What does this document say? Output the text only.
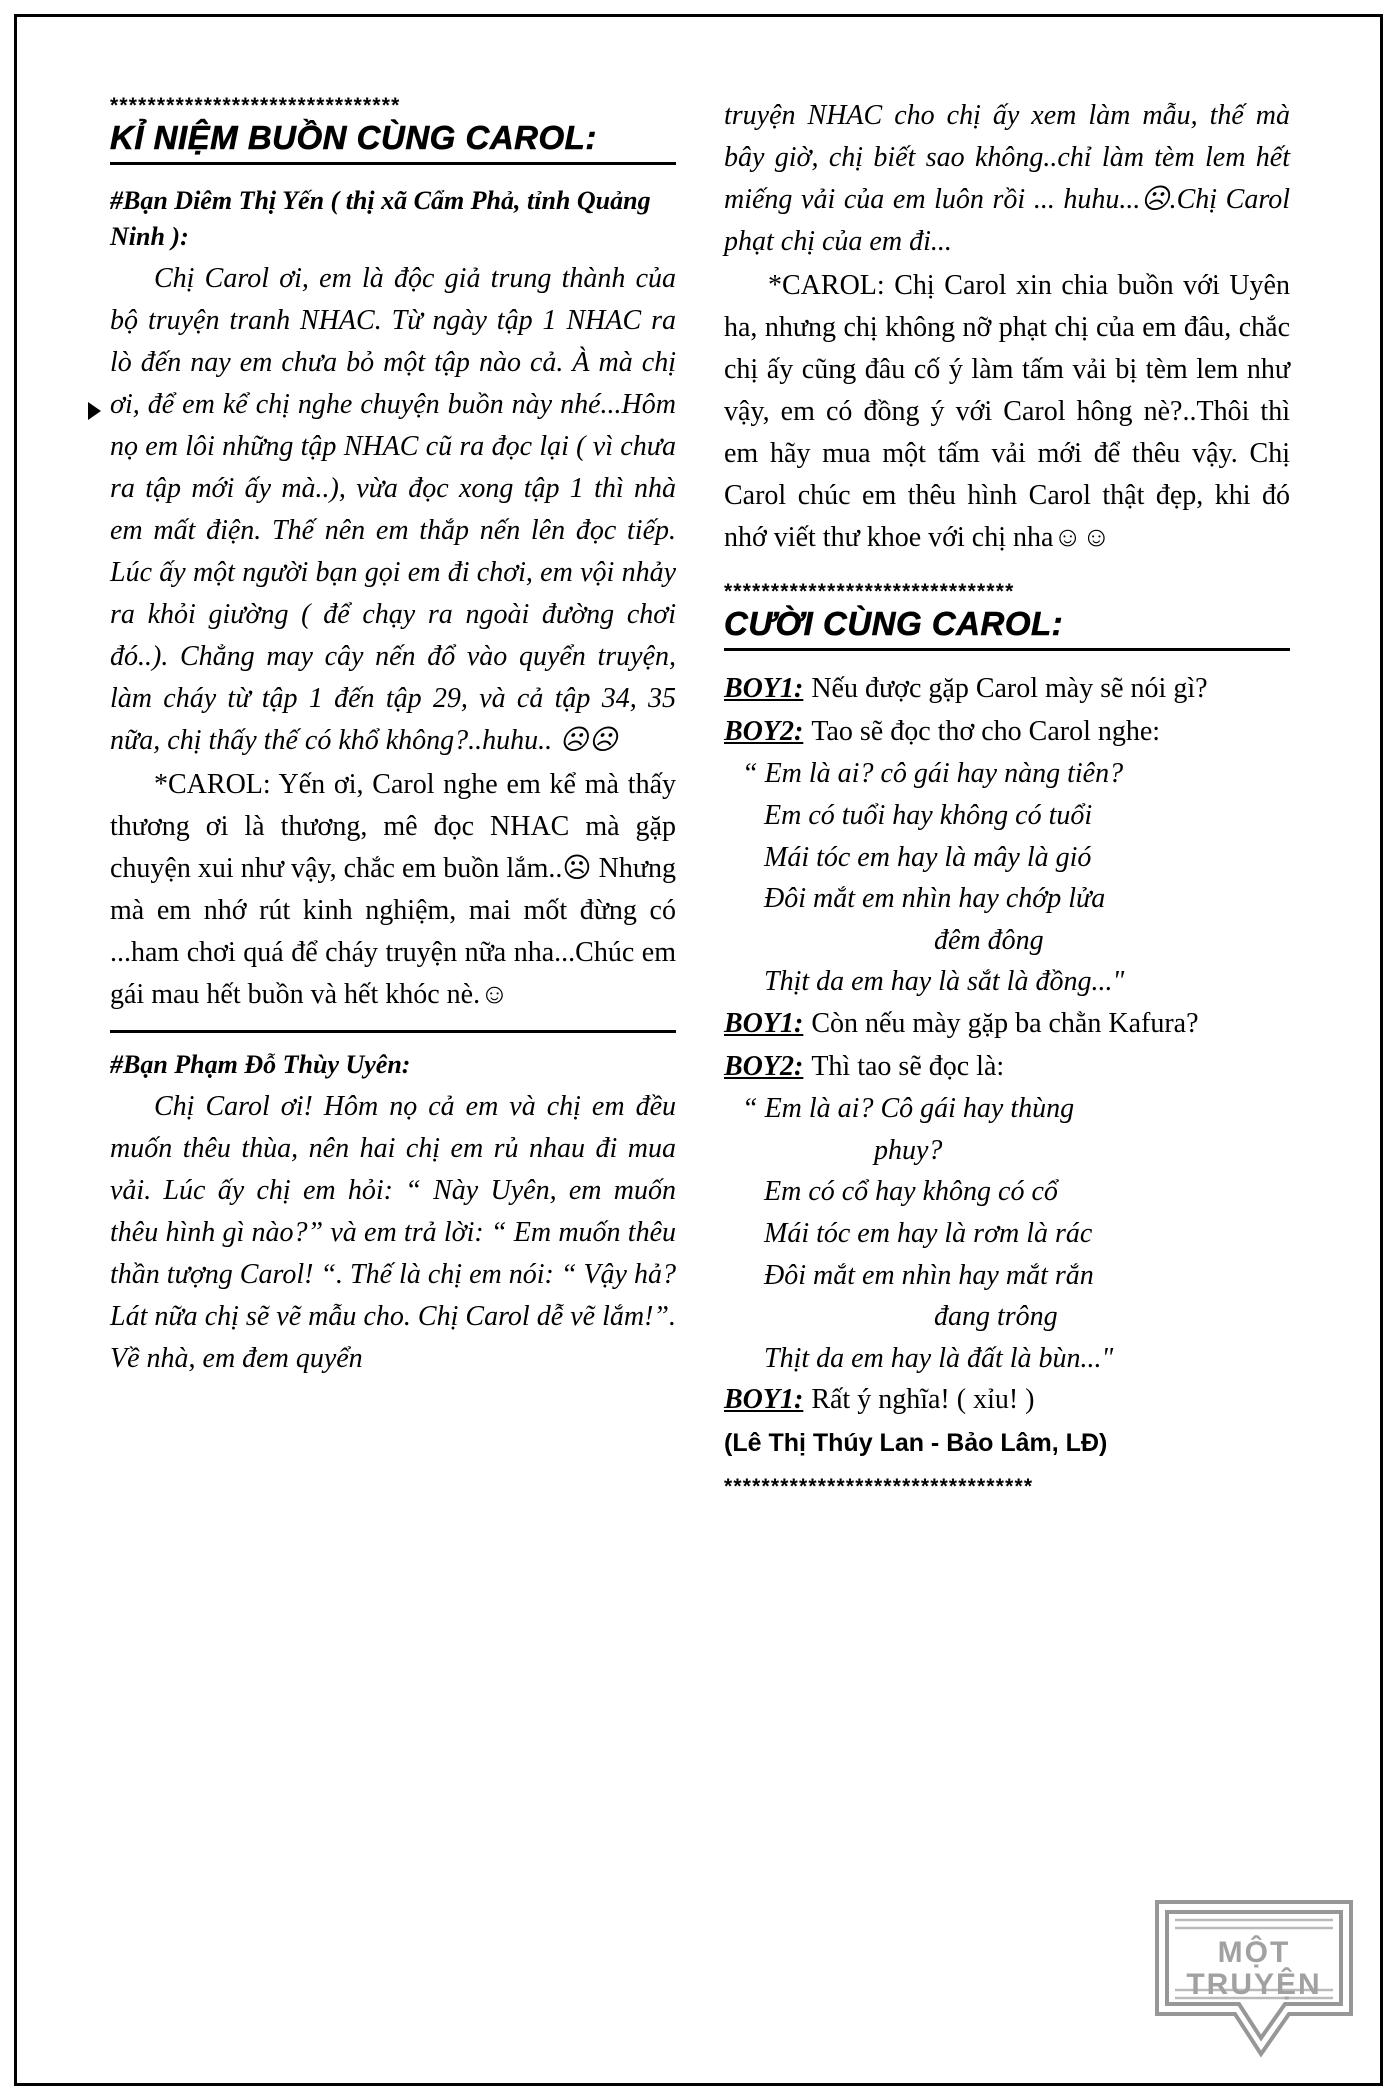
*******************************
KỈ NIỆM BUỒN CÙNG CAROL:
#Bạn Diêm Thị Yến ( thị xã Cẩm Phả, tỉnh Quảng Ninh ):

Chị Carol ơi, em là độc giả trung thành của bộ truyện tranh NHAC. Từ ngày tập 1 NHAC ra lò đến nay em chưa bỏ một tập nào cả. À mà chị ơi, để em kể chị nghe chuyện buồn này nhé...Hôm nọ em lôi những tập NHAC cũ ra đọc lại ( vì chưa ra tập mới ấy mà..), vừa đọc xong tập 1 thì nhà em mất điện. Thế nên em thắp nến lên đọc tiếp. Lúc ấy một người bạn gọi em đi chơi, em vội nhảy ra khỏi giường ( để chạy ra ngoài đường chơi đó..). Chẳng may cây nến đổ vào quyển truyện, làm cháy từ tập 1 đến tập 29, và cả tập 34, 35 nữa, chị thấy thế có khổ không?..huhu.. ☹☹

*CAROL: Yến ơi, Carol nghe em kể mà thấy thương ơi là thương, mê đọc NHAC mà gặp chuyện xui như vậy, chắc em buồn lắm..☹ Nhưng mà em nhớ rút kinh nghiệm, mai mốt đừng có ...ham chơi quá để cháy truyện nữa nha...Chúc em gái mau hết buồn và hết khóc nè.☺

#Bạn Phạm Đỗ Thùy Uyên:

Chị Carol ơi! Hôm nọ cả em và chị em đều muốn thêu thùa, nên hai chị em rủ nhau đi mua vải. Lúc ấy chị em hỏi: “ Này Uyên, em muốn thêu hình gì nào?” và em trả lời: “ Em muốn thêu thần tượng Carol! “. Thế là chị em nói: “ Vậy hả? Lát nữa chị sẽ vẽ mẫu cho. Chị Carol dễ vẽ lắm!”. Về nhà, em đem quyển

truyện NHAC cho chị ấy xem làm mẫu, thế mà bây giờ, chị biết sao không..chỉ làm tèm lem hết miếng vải của em luôn rồi ... huhu...☹.Chị Carol phạt chị của em đi...

*CAROL: Chị Carol xin chia buồn với Uyên ha, nhưng chị không nỡ phạt chị của em đâu, chắc chị ấy cũng đâu cố ý làm tấm vải bị tèm lem như vậy, em có đồng ý với Carol hông nè?..Thôi thì em hãy mua một tấm vải mới để thêu vậy. Chị Carol chúc em thêu hình Carol thật đẹp, khi đó nhớ viết thư khoe với chị nha☺☺

*******************************
CƯỜI CÙNG CAROL:
BOY1: Nếu được gặp Carol mày sẽ nói gì?
BOY2: Tao sẽ đọc thơ cho Carol nghe:
“ Em là ai? cô gái hay nàng tiên?
Em có tuổi hay không có tuổi
Mái tóc em hay là mây là gió
Đôi mắt em nhìn hay chớp lửa
đêm đông
Thịt da em hay là sắt là đồng..."
BOY1: Còn nếu mày gặp ba chằn Kafura?
BOY2: Thì tao sẽ đọc là:
“ Em là ai? Cô gái hay thùng
phuy?
Em có cổ hay không có cổ
Mái tóc em hay là rơm là rác
Đôi mắt em nhìn hay mắt rắn
đang trông
Thịt da em hay là đất là bùn..."
BOY1: Rất ý nghĩa! ( xỉu! )
(Lê Thị Thúy Lan - Bảo Lâm, LĐ)
*********************************
MỘT
TRUYỆN
